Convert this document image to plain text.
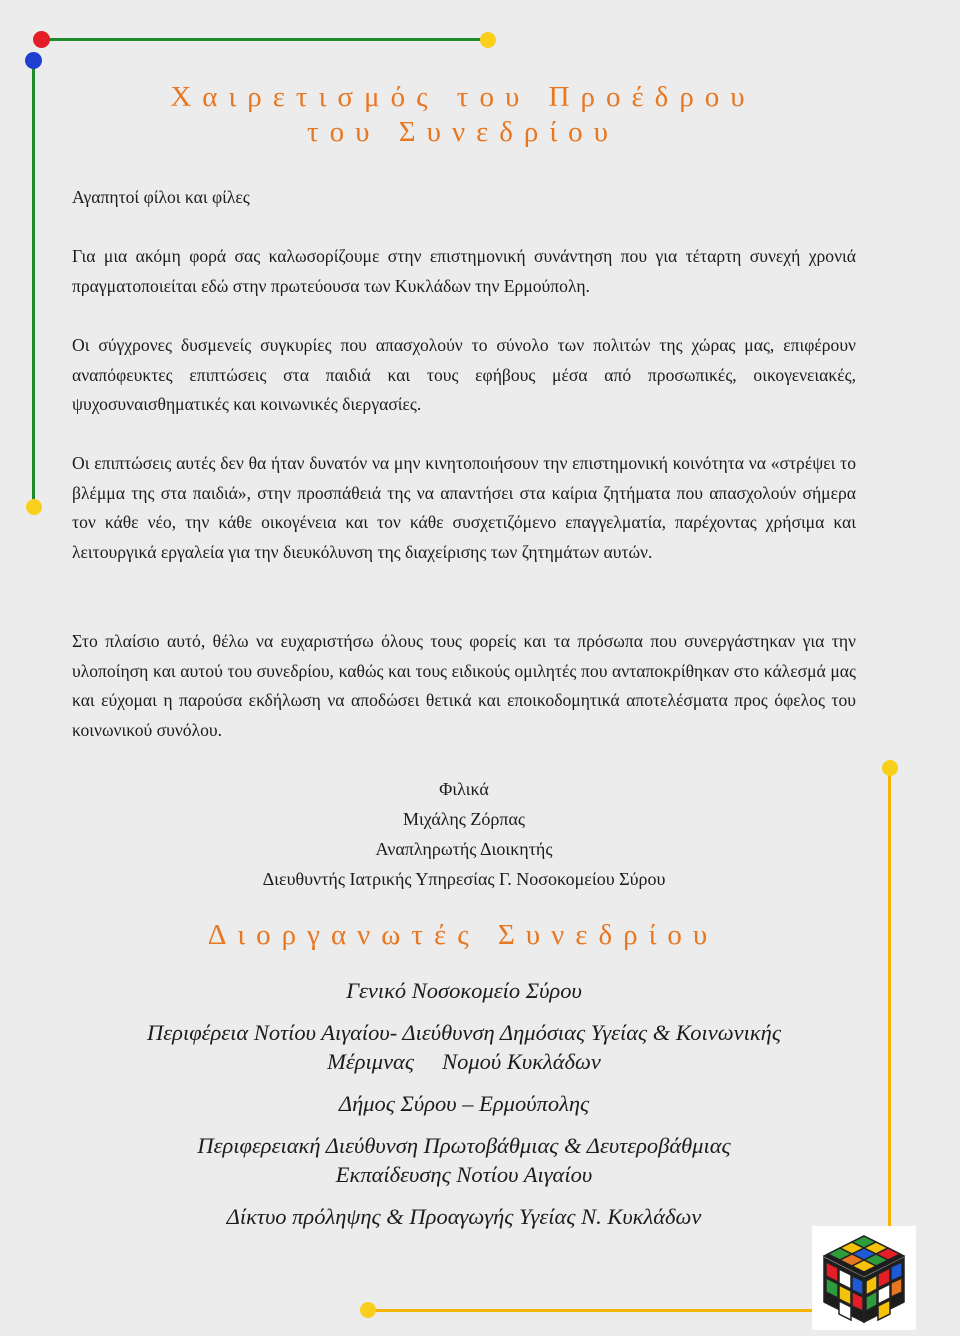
Χαιρετισμός του Προέδρου
του Συνεδρίου
Αγαπητοί φίλοι και φίλες
Για μια ακόμη φορά σας καλωσορίζουμε στην επιστημονική συνάντηση που για τέταρτη συνεχή χρονιά πραγματοποιείται εδώ στην πρωτεύουσα των Κυκλάδων την Ερμούπολη.
Οι σύγχρονες δυσμενείς συγκυρίες που απασχολούν το σύνολο των πολιτών της χώρας μας, επιφέρουν αναπόφευκτες επιπτώσεις στα παιδιά και τους εφήβους μέσα από προσωπικές, οικογενειακές, ψυχοσυναισθηματικές και κοινωνικές διεργασίες.
Οι επιπτώσεις αυτές δεν θα ήταν δυνατόν να μην κινητοποιήσουν την επιστημονική κοινότητα να «στρέψει το βλέμμα της στα παιδιά», στην προσπάθειά της να απαντήσει στα καίρια ζητήματα που απασχολούν σήμερα τον κάθε νέο, την κάθε οικογένεια και τον κάθε συσχετιζόμενο επαγγελματία, παρέχοντας χρήσιμα και λειτουργικά εργαλεία για την διευκόλυνση της διαχείρισης των ζητημάτων αυτών.
Στο πλαίσιο αυτό, θέλω να ευχαριστήσω όλους τους φορείς και τα πρόσωπα που συνεργάστηκαν για την υλοποίηση και αυτού του συνεδρίου, καθώς και τους ειδικούς ομιλητές που ανταποκρίθηκαν στο κάλεσμά μας και εύχομαι η παρούσα εκδήλωση να αποδώσει θετικά και εποικοδομητικά αποτελέσματα προς όφελος του κοινωνικού συνόλου.
Φιλικά
Μιχάλης Ζόρπας
Αναπληρωτής Διοικητής
Διευθυντής Ιατρικής Υπηρεσίας Γ. Νοσοκομείου Σύρου
Διοργανωτές Συνεδρίου
Γενικό Νοσοκομείο Σύρου
Περιφέρεια Νοτίου Αιγαίου- Διεύθυνση Δημόσιας Υγείας & Κοινωνικής
Μέριμνας     Νομού Κυκλάδων
Δήμος Σύρου – Ερμούπολης
Περιφερειακή Διεύθυνση Πρωτοβάθμιας & Δευτεροβάθμιας
Εκπαίδευσης Νοτίου Αιγαίου
Δίκτυο πρόληψης & Προαγωγής Υγείας Ν. Κυκλάδων
